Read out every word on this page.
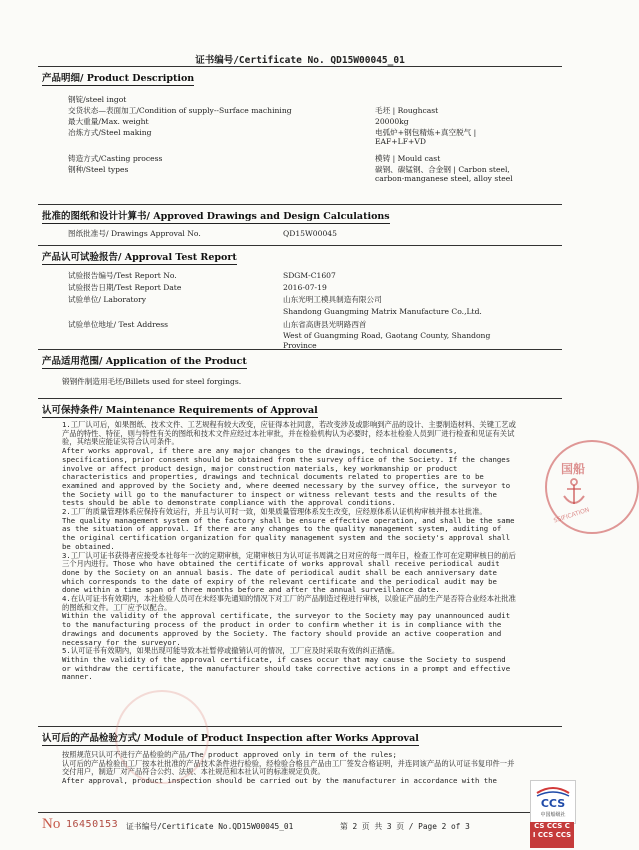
证书编号/Certificate No. QD15W00045_01
产品明细/ Product Description
钢锭/steel ingot
交货状态—表面加工/Condition of supply--Surface machining	毛坯 | Roughcast
最大重量/Max. weight	20000kg
冶炼方式/Steel making	电弧炉+钢包精炼+真空脱气 | EAF+LF+VD
铸造方式/Casting process	模铸 | Mould cast
钢种/Steel types	碳钢、碳锰钢、合金钢 | Carbon steel, carbon-manganese steel, alloy steel
批准的图纸和设计计算书/ Approved Drawings and Design Calculations
图纸批准号/ Drawings Approval No.	QD15W00045
产品认可试验报告/ Approval Test Report
试验报告编号/Test Report No.	SDGM-C1607
试验报告日期/Test Report Date	2016-07-19
试验单位/ Laboratory	山东光明工模具制造有限公司
Shandong Guangming Matrix Manufacture Co.,Ltd.
试验单位地址/ Test Address	山东省高唐县光明路西首
West of Guangming Road, Gaotang County, Shandong
Province
产品适用范围/ Application of the Product
锻钢件制造用毛坯/Billets used for steel forgings.
认可保持条件/ Maintenance Requirements of Approval
1.工厂认可后，如果图纸、技术文件、工艺规程有较大改变，应征得本社同意，若改变涉及或影响到产品的设计、主要制造材料、关键工艺或产品的特性、特征，则与特性有关的图纸和技术文件应经过本社审批，并在检验机构认为必要时，经本社检验人员到厂进行检查和见证有关试验，其结果应能证实符合认可条件。
After works approval, if there are any major changes to the drawings, technical documents, specifications, prior consent should be obtained from the survey office of the Society. If the changes involve or affect product design, major construction materials, key workmanship or product characteristics and properties, drawings and technical documents related to properties are to be examined and approved by the Society and, where deemed necessary by the survey office, the surveyor to the Society will go to the manufacturer to inspect or witness relevant tests and the results of the tests should be able to demonstrate compliance with the approval conditions.
2.工厂的质量管理体系应保持有效运行，并且与认可时一致，如果质量管理体系发生改变，应经原体系认证机构审核并报本社批准。
The quality management system of the factory shall be ensure effective operation, and shall be the same as the situation of approval. If there are any changes to the quality management system, auditing of the original certification organization for quality management system and the society's approval shall be obtained.
3.工厂认可证书获得者应接受本社每年一次的定期审核，定期审核日为认可证书周满之日对应的每一周年日，检查工作可在定期审核日的前后三个月内进行。Those who have obtained the certificate of works approval shall receive periodical audit done by the Society on an annual basis. The date of periodical audit shall be each anniversary date which corresponds to the date of expiry of the relevant certificate and the periodical audit may be done within a time span of three months before and after the annual surveillance date.
4.在认可证书有效期内，本社检验人员可在未经事先通知的情况下对工厂的产品制造过程进行审核，以验证产品的生产是否符合业经本社批准的图纸和文件。工厂应予以配合。
Within the validity of the approval certificate, the surveyor to the Society may pay unannounced audit to the manufacturing process of the product in order to confirm whether it is in compliance with the drawings and documents approved by the Society. The factory should provide an active cooperation and necessary for the surveyor.
5.认可证书有效期内，如果出现可能导致本社暂停或撤销认可的情况，工厂应及时采取有效的纠正措施。
Within the validity of the approval certificate, if cases occur that may cause the Society to suspend or withdraw the certificate, the manufacturer should take corrective actions in a prompt and effective manner.
认可后的产品检验方式/ Module of Product Inspection after Works Approval
按照规范只认可不进行产品检验的产品/The product approved only in term of the rules;
认可后的产品检验由工厂按本社批准的产品技术条件进行检验，经检验合格且产品由工厂签发合格证明，并连同该产品的认可证书复印件一并交付用户，制造厂对产品符合公约、法规、本社规范和本社认可的标准规定负责。
After approval, product inspection should be carried out by the manufacturer in accordance with the
No 16450153 证书编号/Certificate No.QD15W00045_01	第 2 页 共 3 页 / Page 2 of 3
国船
SSIFICATION
CCS
中国船级社
CS CCS C
I CCS CCS
